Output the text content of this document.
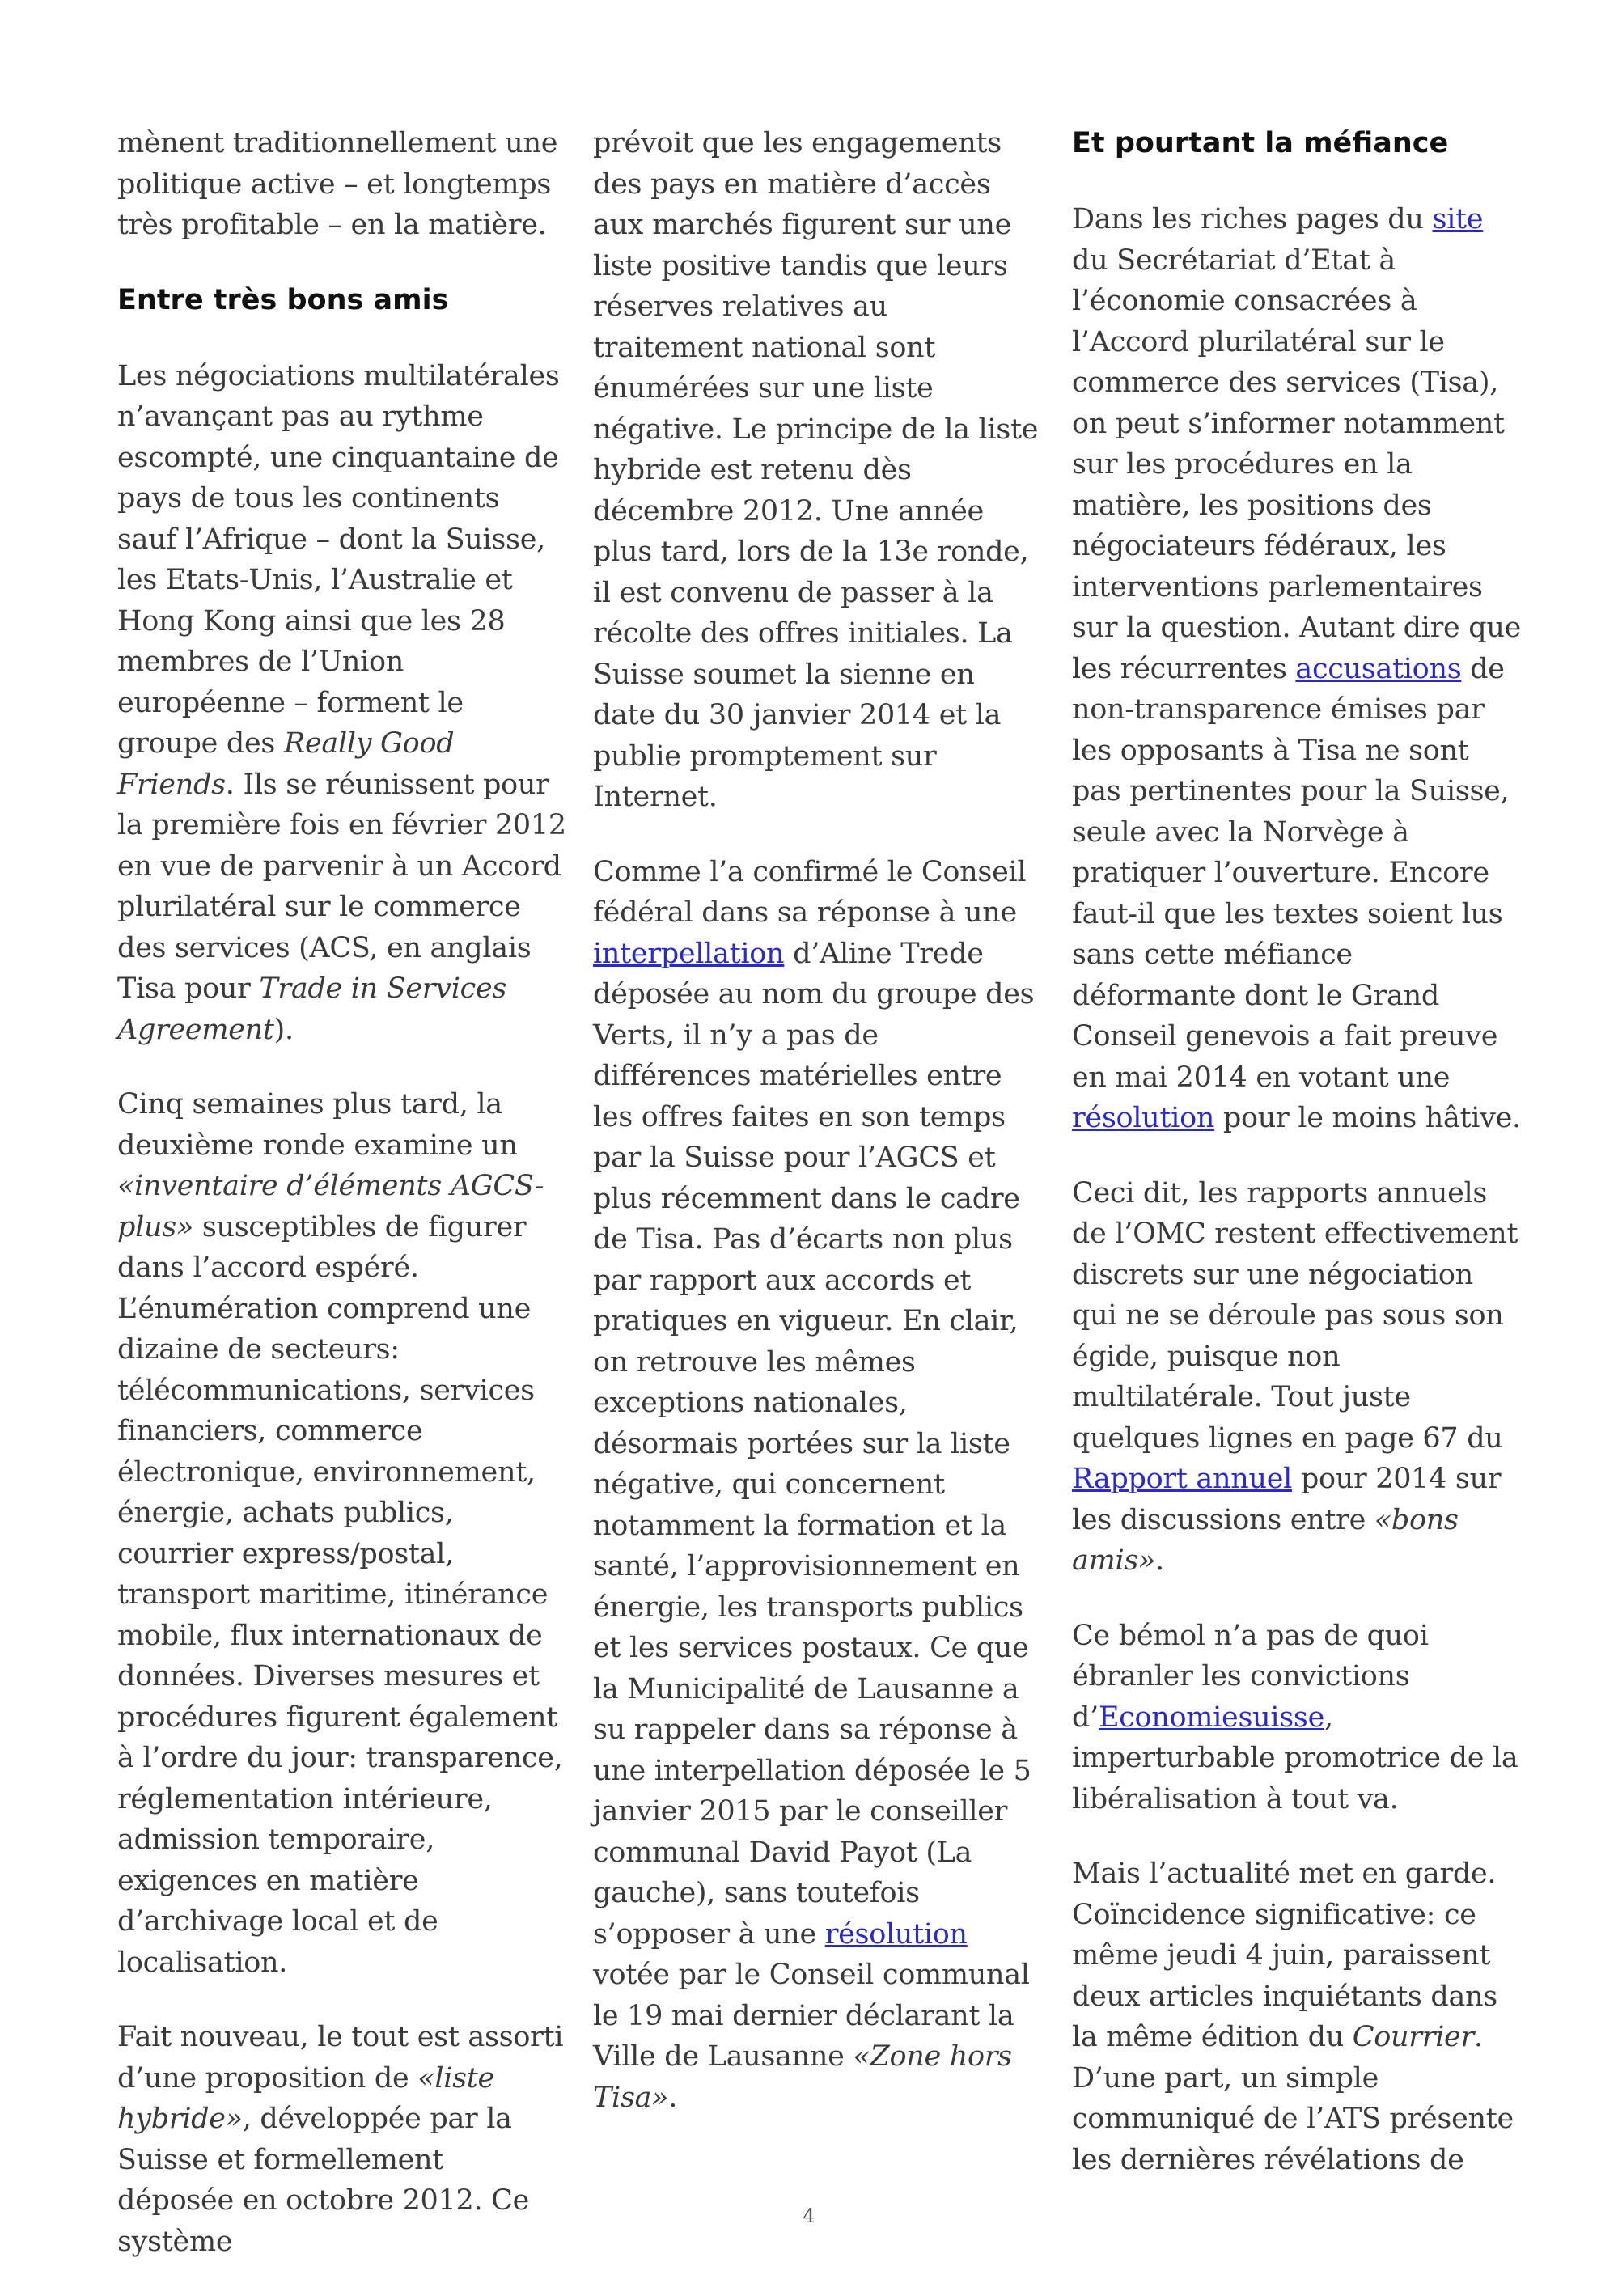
mènent traditionnellement une politique active – et longtemps très profitable – en la matière.

Entre très bons amis

Les négociations multilatérales n’avançant pas au rythme escompté, une cinquantaine de pays de tous les continents sauf l’Afrique – dont la Suisse, les Etats-Unis, l’Australie et Hong Kong ainsi que les 28 membres de l’Union européenne – forment le groupe des Really Good Friends. Ils se réunissent pour la première fois en février 2012 en vue de parvenir à un Accord plurilatéral sur le commerce des services (ACS, en anglais Tisa pour Trade in Services Agreement).

Cinq semaines plus tard, la deuxième ronde examine un «inventaire d’éléments AGCS-plus» susceptibles de figurer dans l’accord espéré. L’énumération comprend une dizaine de secteurs: télécommunications, services financiers, commerce électronique, environnement, énergie, achats publics, courrier express/postal, transport maritime, itinérance mobile, flux internationaux de données. Diverses mesures et procédures figurent également à l’ordre du jour: transparence, réglementation intérieure, admission temporaire, exigences en matière d’archivage local et de localisation.

Fait nouveau, le tout est assorti d’une proposition de «liste hybride», développée par la Suisse et formellement déposée en octobre 2012. Ce système

prévoit que les engagements des pays en matière d’accès aux marchés figurent sur une liste positive tandis que leurs réserves relatives au traitement national sont énumérées sur une liste négative. Le principe de la liste hybride est retenu dès décembre 2012. Une année plus tard, lors de la 13e ronde, il est convenu de passer à la récolte des offres initiales. La Suisse soumet la sienne en date du 30 janvier 2014 et la publie promptement sur Internet.

Comme l’a confirmé le Conseil fédéral dans sa réponse à une interpellation d’Aline Trede déposée au nom du groupe des Verts, il n’y a pas de différences matérielles entre les offres faites en son temps par la Suisse pour l’AGCS et plus récemment dans le cadre de Tisa. Pas d’écarts non plus par rapport aux accords et pratiques en vigueur. En clair, on retrouve les mêmes exceptions nationales, désormais portées sur la liste négative, qui concernent notamment la formation et la santé, l’approvisionnement en énergie, les transports publics et les services postaux. Ce que la Municipalité de Lausanne a su rappeler dans sa réponse à une interpellation déposée le 5 janvier 2015 par le conseiller communal David Payot (La gauche), sans toutefois s’opposer à une résolution votée par le Conseil communal le 19 mai dernier déclarant la Ville de Lausanne «Zone hors Tisa».

Et pourtant la méfiance

Dans les riches pages du site du Secrétariat d’Etat à l’économie consacrées à l’Accord plurilatéral sur le commerce des services (Tisa), on peut s’informer notamment sur les procédures en la matière, les positions des négociateurs fédéraux, les interventions parlementaires sur la question. Autant dire que les récurrentes accusations de non-transparence émises par les opposants à Tisa ne sont pas pertinentes pour la Suisse, seule avec la Norvège à pratiquer l’ouverture. Encore faut-il que les textes soient lus sans cette méfiance déformante dont le Grand Conseil genevois a fait preuve en mai 2014 en votant une résolution pour le moins hâtive.

Ceci dit, les rapports annuels de l’OMC restent effectivement discrets sur une négociation qui ne se déroule pas sous son égide, puisque non multilatérale. Tout juste quelques lignes en page 67 du Rapport annuel pour 2014 sur les discussions entre «bons amis».

Ce bémol n’a pas de quoi ébranler les convictions d’Economiesuisse, imperturbable promotrice de la libéralisation à tout va.

Mais l’actualité met en garde. Coïncidence significative: ce même jeudi 4 juin, paraissent deux articles inquiétants dans la même édition du Courrier. D’une part, un simple communiqué de l’ATS présente les dernières révélations de

4
